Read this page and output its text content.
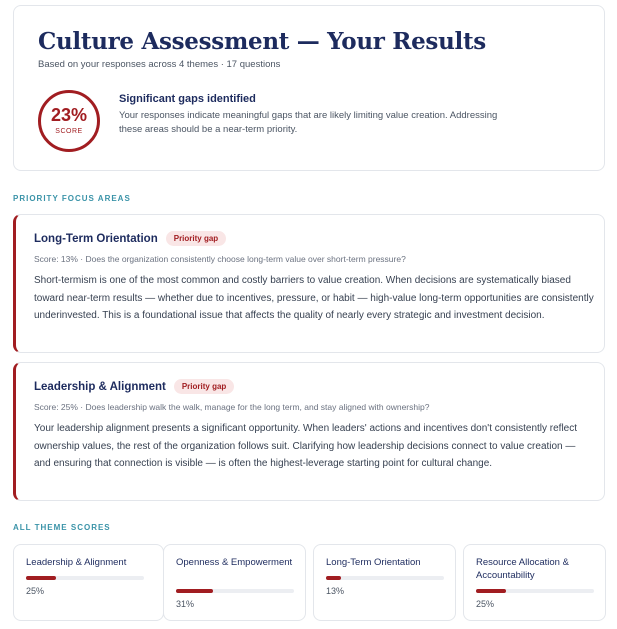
Culture Assessment — Your Results
Based on your responses across 4 themes · 17 questions
23%
SCORE
Significant gaps identified
Your responses indicate meaningful gaps that are likely limiting value creation. Addressing these areas should be a near-term priority.
PRIORITY FOCUS AREAS
Long-Term Orientation	Priority gap
Score: 13% · Does the organization consistently choose long-term value over short-term pressure?
Short-termism is one of the most common and costly barriers to value creation. When decisions are systematically biased toward near-term results — whether due to incentives, pressure, or habit — high-value long-term opportunities are consistently underinvested. This is a foundational issue that affects the quality of nearly every strategic and investment decision.
Leadership & Alignment	Priority gap
Score: 25% · Does leadership walk the walk, manage for the long term, and stay aligned with ownership?
Your leadership alignment presents a significant opportunity. When leaders' actions and incentives don't consistently reflect ownership values, the rest of the organization follows suit. Clarifying how leadership decisions connect to value creation — and ensuring that connection is visible — is often the highest-leverage starting point for cultural change.
ALL THEME SCORES
Leadership & Alignment
25%
Openness & Empowerment
31%
Long-Term Orientation
13%
Resource Allocation & Accountability
25%
